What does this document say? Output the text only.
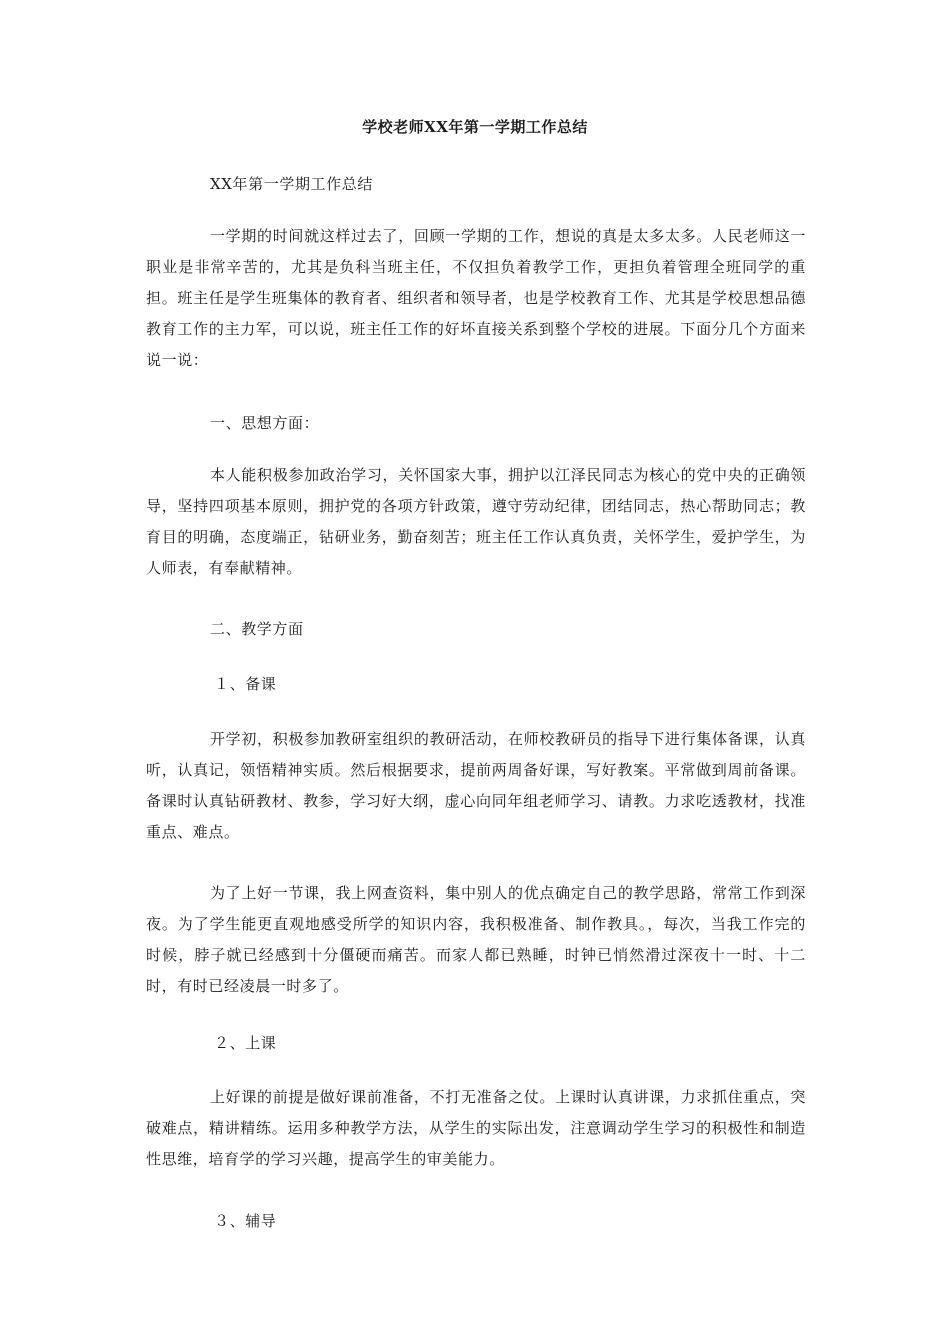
学校老师XX年第一学期工作总结
XX年第一学期工作总结
一学期的时间就这样过去了，回顾一学期的工作，想说的真是太多太多。人民老师这一职业是非常辛苦的，尤其是负科当班主任，不仅担负着教学工作，更担负着管理全班同学的重担。班主任是学生班集体的教育者、组织者和领导者，也是学校教育工作、尤其是学校思想品德教育工作的主力军，可以说，班主任工作的好坏直接关系到整个学校的进展。下面分几个方面来说一说：
一、思想方面：
本人能积极参加政治学习，关怀国家大事，拥护以江泽民同志为核心的党中央的正确领导，坚持四项基本原则，拥护党的各项方针政策，遵守劳动纪律，团结同志，热心帮助同志；教育目的明确，态度端正，钻研业务，勤奋刻苦；班主任工作认真负责，关怀学生，爱护学生，为人师表，有奉献精神。
二、教学方面
１、备课
开学初，积极参加教研室组织的教研活动，在师校教研员的指导下进行集体备课，认真听，认真记，领悟精神实质。然后根据要求，提前两周备好课，写好教案。平常做到周前备课。备课时认真钻研教材、教参，学习好大纲，虚心向同年组老师学习、请教。力求吃透教材，找准重点、难点。
为了上好一节课，我上网查资料，集中别人的优点确定自己的教学思路，常常工作到深夜。为了学生能更直观地感受所学的知识内容，我积极准备、制作教具。，每次，当我工作完的时候，脖子就已经感到十分僵硬而痛苦。而家人都已熟睡，时钟已悄然滑过深夜十一时、十二时，有时已经凌晨一时多了。
２、上课
上好课的前提是做好课前准备，不打无准备之仗。上课时认真讲课，力求抓住重点，突破难点，精讲精练。运用多种教学方法，从学生的实际出发，注意调动学生学习的积极性和制造性思维，培育学的学习兴趣，提高学生的审美能力。
３、辅导
